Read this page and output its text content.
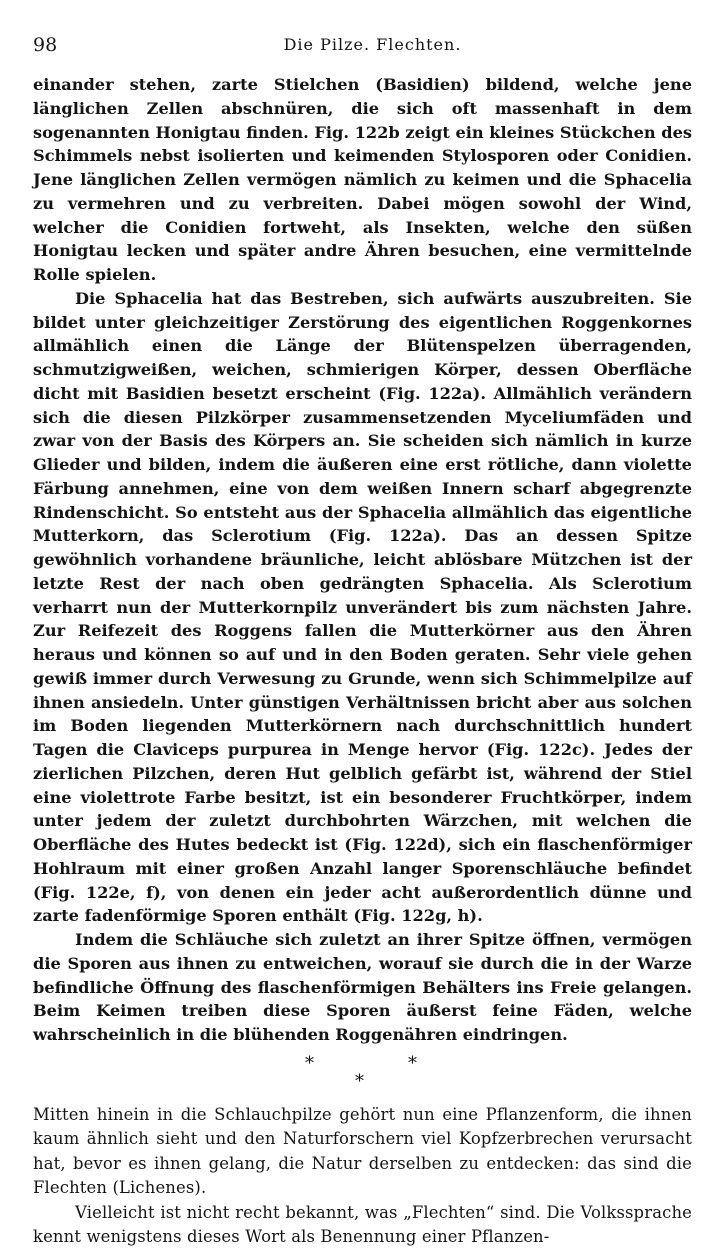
98	Die Pilze. Flechten.

einander stehen, zarte Stielchen (Basidien) bildend, welche jene länglichen Zellen abschnüren, die sich oft massenhaft in dem sogenannten Honigtau finden. Fig. 122b zeigt ein kleines Stückchen des Schimmels nebst isolierten und keimenden Stylosporen oder Conidien. Jene länglichen Zellen vermögen nämlich zu keimen und die Sphacelia zu vermehren und zu verbreiten. Dabei mögen sowohl der Wind, welcher die Conidien fortweht, als Insekten, welche den süßen Honigtau lecken und später andre Ähren besuchen, eine vermittelnde Rolle spielen.

Die Sphacelia hat das Bestreben, sich aufwärts auszubreiten. Sie bildet unter gleichzeitiger Zerstörung des eigentlichen Roggenkornes allmählich einen die Länge der Blütenspelzen überragenden, schmutzigweißen, weichen, schmierigen Körper, dessen Oberfläche dicht mit Basidien besetzt erscheint (Fig. 122a). Allmählich verändern sich die diesen Pilzkörper zusammensetzenden Myceliumfäden und zwar von der Basis des Körpers an. Sie scheiden sich nämlich in kurze Glieder und bilden, indem die äußeren eine erst rötliche, dann violette Färbung annehmen, eine von dem weißen Innern scharf abgegrenzte Rindenschicht. So entsteht aus der Sphacelia allmählich das eigentliche Mutterkorn, das Sclerotium (Fig. 122a). Das an dessen Spitze gewöhnlich vorhandene bräunliche, leicht ablösbare Mützchen ist der letzte Rest der nach oben gedrängten Sphacelia. Als Sclerotium verharrt nun der Mutterkornpilz unverändert bis zum nächsten Jahre. Zur Reifezeit des Roggens fallen die Mutterkörner aus den Ähren heraus und können so auf und in den Boden geraten. Sehr viele gehen gewiß immer durch Verwesung zu Grunde, wenn sich Schimmelpilze auf ihnen ansiedeln. Unter günstigen Verhältnissen bricht aber aus solchen im Boden liegenden Mutterkörnern nach durchschnittlich hundert Tagen die Claviceps purpurea in Menge hervor (Fig. 122c). Jedes der zierlichen Pilzchen, deren Hut gelblich gefärbt ist, während der Stiel eine violettrote Farbe besitzt, ist ein besonderer Fruchtkörper, indem unter jedem der zuletzt durchbohrten Wärzchen, mit welchen die Oberfläche des Hutes bedeckt ist (Fig. 122d), sich ein flaschenförmiger Hohlraum mit einer großen Anzahl langer Sporenschläuche befindet (Fig. 122e, f), von denen ein jeder acht außerordentlich dünne und zarte fadenförmige Sporen enthält (Fig. 122g, h).

Indem die Schläuche sich zuletzt an ihrer Spitze öffnen, vermögen die Sporen aus ihnen zu entweichen, worauf sie durch die in der Warze befindliche Öffnung des flaschenförmigen Behälters ins Freie gelangen. Beim Keimen treiben diese Sporen äußerst feine Fäden, welche wahrscheinlich in die blühenden Roggenähren eindringen.

*
*
*

Mitten hinein in die Schlauchpilze gehört nun eine Pflanzenform, die ihnen kaum ähnlich sieht und den Naturforschern viel Kopfzerbrechen verursacht hat, bevor es ihnen gelang, die Natur derselben zu entdecken: das sind die Flechten (Lichenes).

Vielleicht ist nicht recht bekannt, was „Flechten“ sind. Die Volkssprache kennt wenigstens dieses Wort als Benennung einer Pflanzen-
